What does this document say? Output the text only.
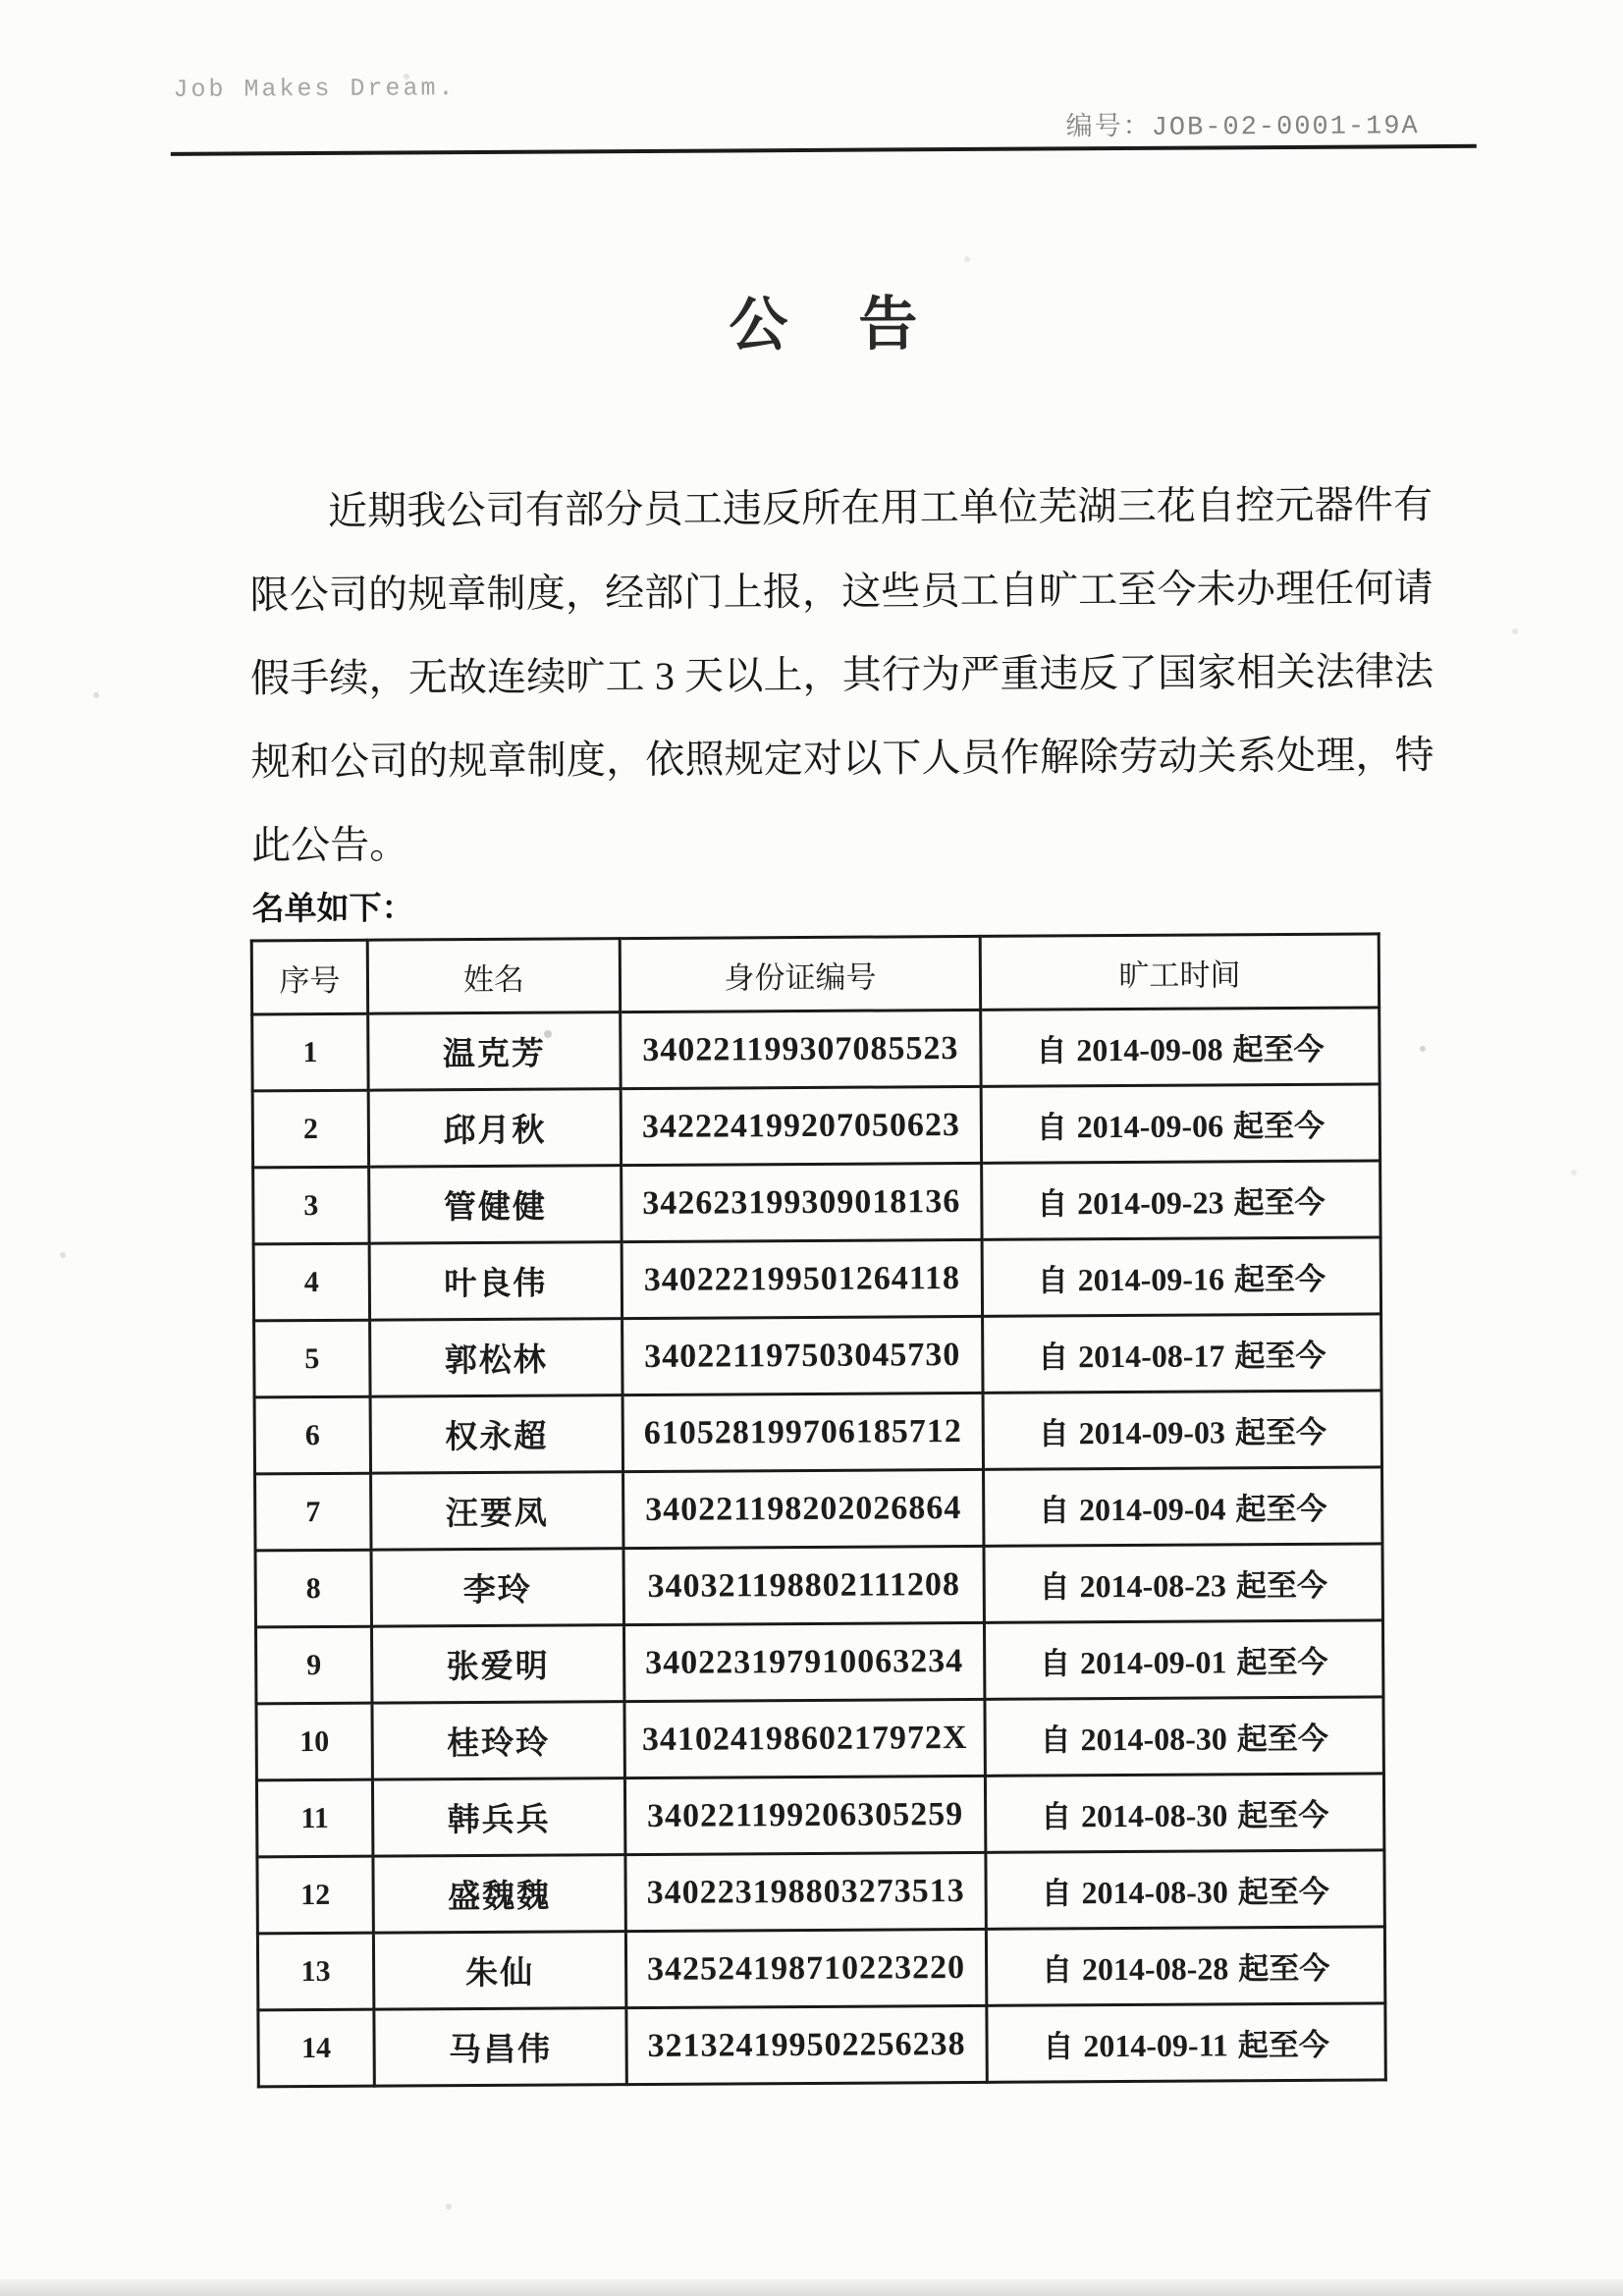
Job Makes Dream.
编号：JOB-02-0001-19A
公　告

近期我公司有部分员工违反所在用工单位芜湖三花自控元器件有限公司的规章制度，经部门上报，这些员工自旷工至今未办理任何请假手续，无故连续旷工 3 天以上，其行为严重违反了国家相关法律法规和公司的规章制度，依照规定对以下人员作解除劳动关系处理，特此公告。

名单如下：
序号	姓名	身份证编号	旷工时间
1	温克芳	340221199307085523	自 2014-09-08 起至今
2	邱月秋	342224199207050623	自 2014-09-06 起至今
3	管健健	342623199309018136	自 2014-09-23 起至今
4	叶良伟	340222199501264118	自 2014-09-16 起至今
5	郭松林	340221197503045730	自 2014-08-17 起至今
6	权永超	610528199706185712	自 2014-09-03 起至今
7	汪要凤	340221198202026864	自 2014-09-04 起至今
8	李玲	340321198802111208	自 2014-08-23 起至今
9	张爱明	340223197910063234	自 2014-09-01 起至今
10	桂玲玲	34102419860217972X	自 2014-08-30 起至今
11	韩兵兵	340221199206305259	自 2014-08-30 起至今
12	盛魏魏	340223198803273513	自 2014-08-30 起至今
13	朱仙	342524198710223220	自 2014-08-28 起至今
14	马昌伟	321324199502256238	自 2014-09-11 起至今
